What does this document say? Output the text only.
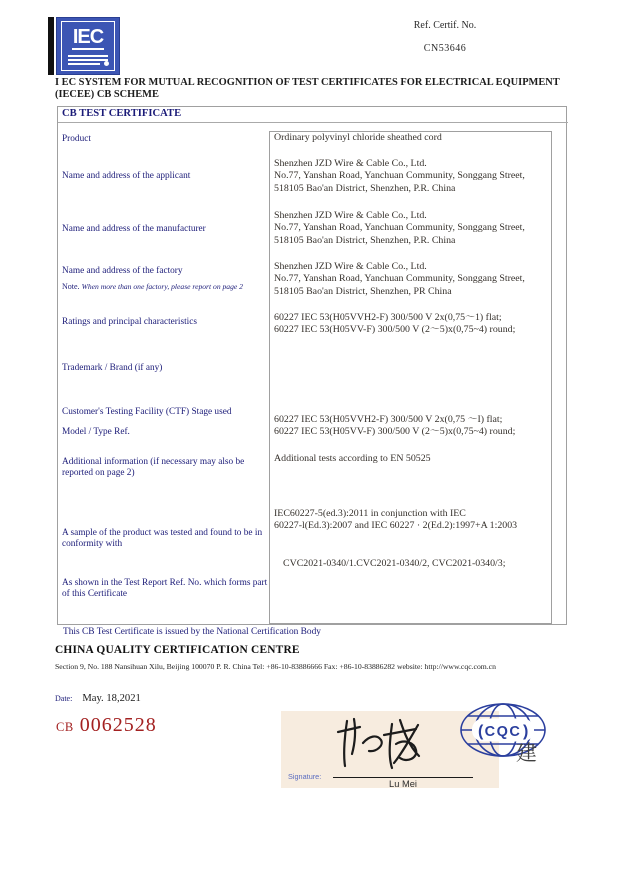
IEC
Ref. Certif. No.
CN53646
I EC SYSTEM FOR MUTUAL RECOGNITION OF TEST CERTIFICATES FOR ELECTRICAL EQUIPMENT (IECEE) CB SCHEME
CB TEST CERTIFICATE
Product	Ordinary polyvinyl chloride sheathed cord
Name and address of the applicant
Shenzhen JZD Wire & Cable Co., Ltd.
No.77, Yanshan Road, Yanchuan Community, Songgang Street,
518105 Bao'an District, Shenzhen, P.R. China
Name and address of the manufacturer
Shenzhen JZD Wire & Cable Co., Ltd.
No.77, Yanshan Road, Yanchuan Community, Songgang Street,
518105 Bao'an District, Shenzhen, P.R. China
Name and address of the factory
Note. When more than one factory, please report on page 2
Shenzhen JZD Wire & Cable Co., Ltd.
No.77, Yanshan Road, Yanchuan Community, Songgang Street,
518105 Bao'an District, Shenzhen, PR China
Ratings and principal characteristics	60227 IEC 53(H05VVH2-F) 300/500 V 2x(0,75〜1) flat;
60227 IEC 53(H05VV-F) 300/500 V (2〜5)x(0,75~4) round;
Trademark / Brand (if any)
Customer's Testing Facility (CTF) Stage used
Model / Type Ref.
60227 IEC 53(H05VVH2-F) 300/500 V 2x(0,75 〜I) flat;
60227 IEC 53(H05VV-F) 300/500 V (2〜5)x(0,75~4) round;
Additional information (if necessary may also be reported on page 2)
Additional tests according to EN 50525
A sample of the product was tested and found to be in conformity with
IEC60227-5(ed.3):2011 in conjunction with IEC
60227-l(Ed.3):2007 and IEC 60227 · 2(Ed.2):1997+A 1:2003
As shown in the Test Report Ref. No. which forms part of this Certificate
CVC2021-0340/1.CVC2021-0340/2, CVC2021-0340/3;
This CB Test Certificate is issued by the National Certification Body
CHINA QUALITY CERTIFICATION CENTRE
Section 9, No. 188 Nansihuan Xilu, Beijing 100070 P. R. China Tel: +86-10-83886666 Fax: +86-10-83886282 website: http://www.cqc.com.cn
Date: May. 18,2021
CB 0062528
Signature:
Lu Mei
( CQC )
建
